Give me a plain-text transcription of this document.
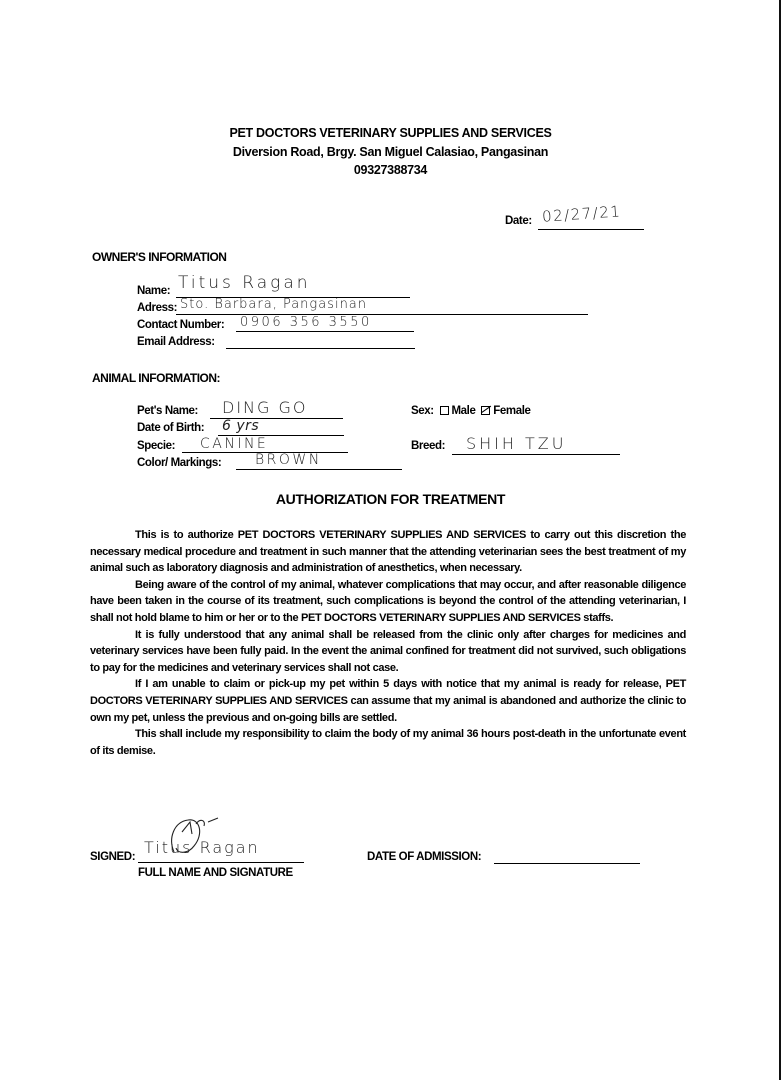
PET DOCTORS VETERINARY SUPPLIES AND SERVICES
Diversion Road, Brgy. San Miguel Calasiao, Pangasinan
09327388734
Date: 02/27/21
OWNER'S INFORMATION
Name: Titus Ragan
Adress: Sto. Barbara, Pangasinan
Contact Number: 0906 356 3550
Email Address:
ANIMAL INFORMATION:
Pet's Name: DING GO
Date of Birth: 6 yrs
Specie: CANINE
Color/ Markings: BROWN
Sex: Male Female
Breed: SHIH TZU
AUTHORIZATION FOR TREATMENT

This is to authorize PET DOCTORS VETERINARY SUPPLIES AND SERVICES to carry out this discretion the necessary medical procedure and treatment in such manner that the attending veterinarian sees the best treatment of my animal such as laboratory diagnosis and administration of anesthetics, when necessary.

Being aware of the control of my animal, whatever complications that may occur, and after reasonable diligence have been taken in the course of its treatment, such complications is beyond the control of the attending veterinarian, I shall not hold blame to him or her or to the PET DOCTORS VETERINARY SUPPLIES AND SERVICES staffs.

It is fully understood that any animal shall be released from the clinic only after charges for medicines and veterinary services have been fully paid. In the event the animal confined for treatment did not survived, such obligations to pay for the medicines and veterinary services shall not case.

If I am unable to claim or pick-up my pet within 5 days with notice that my animal is ready for release, PET DOCTORS VETERINARY SUPPLIES AND SERVICES can assume that my animal is abandoned and authorize the clinic to own my pet, unless the previous and on-going bills are settled.

This shall include my responsibility to claim the body of my animal 36 hours post-death in the unfortunate event of its demise.

SIGNED: Titus Ragan
FULL NAME AND SIGNATURE
DATE OF ADMISSION:
